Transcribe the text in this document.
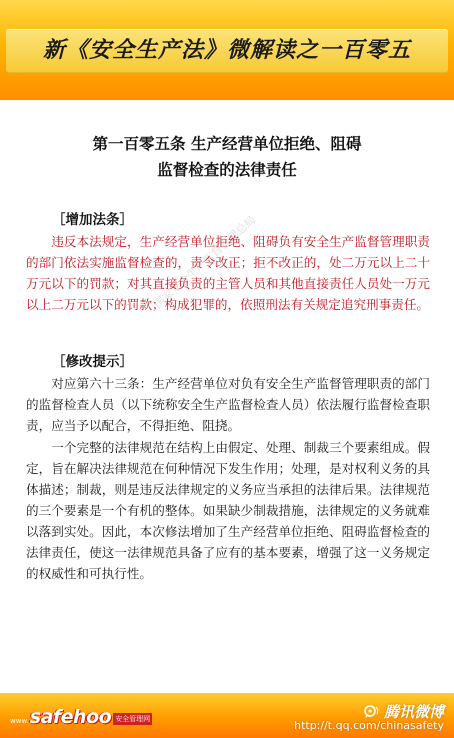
新《安全生产法》微解读之一百零五
第一百零五条 生产经营单位拒绝、阻碍
监督检查的法律责任
［增加法条］

违反本法规定，生产经营单位拒绝、阻碍负有安全生产监督管理职责的部门依法实施监督检查的，责令改正；拒不改正的，处二万元以上二十万元以下的罚款；对其直接负责的主管人员和其他直接责任人员处一万元以上二万元以下的罚款；构成犯罪的，依照刑法有关规定追究刑事责任。

国家安全生产监督管理总局
［修改提示］

对应第六十三条：生产经营单位对负有安全生产监督管理职责的部门的监督检查人员（以下统称安全生产监督检查人员）依法履行监督检查职责，应当予以配合，不得拒绝、阻挠。

一个完整的法律规范在结构上由假定、处理、制裁三个要素组成。假定，旨在解决法律规范在何种情况下发生作用；处理，是对权利义务的具体描述；制裁，则是违反法律规定的义务应当承担的法律后果。法律规范的三个要素是一个有机的整体。如果缺少制裁措施，法律规定的义务就难以落到实处。因此，本次修法增加了生产经营单位拒绝、阻碍监督检查的法律责任，使这一法律规范具备了应有的基本要素，增强了这一义务规定的权威性和可执行性。

www. safehoo 安全管理网	腾讯微博
http://t.qq.com/chinasafety
